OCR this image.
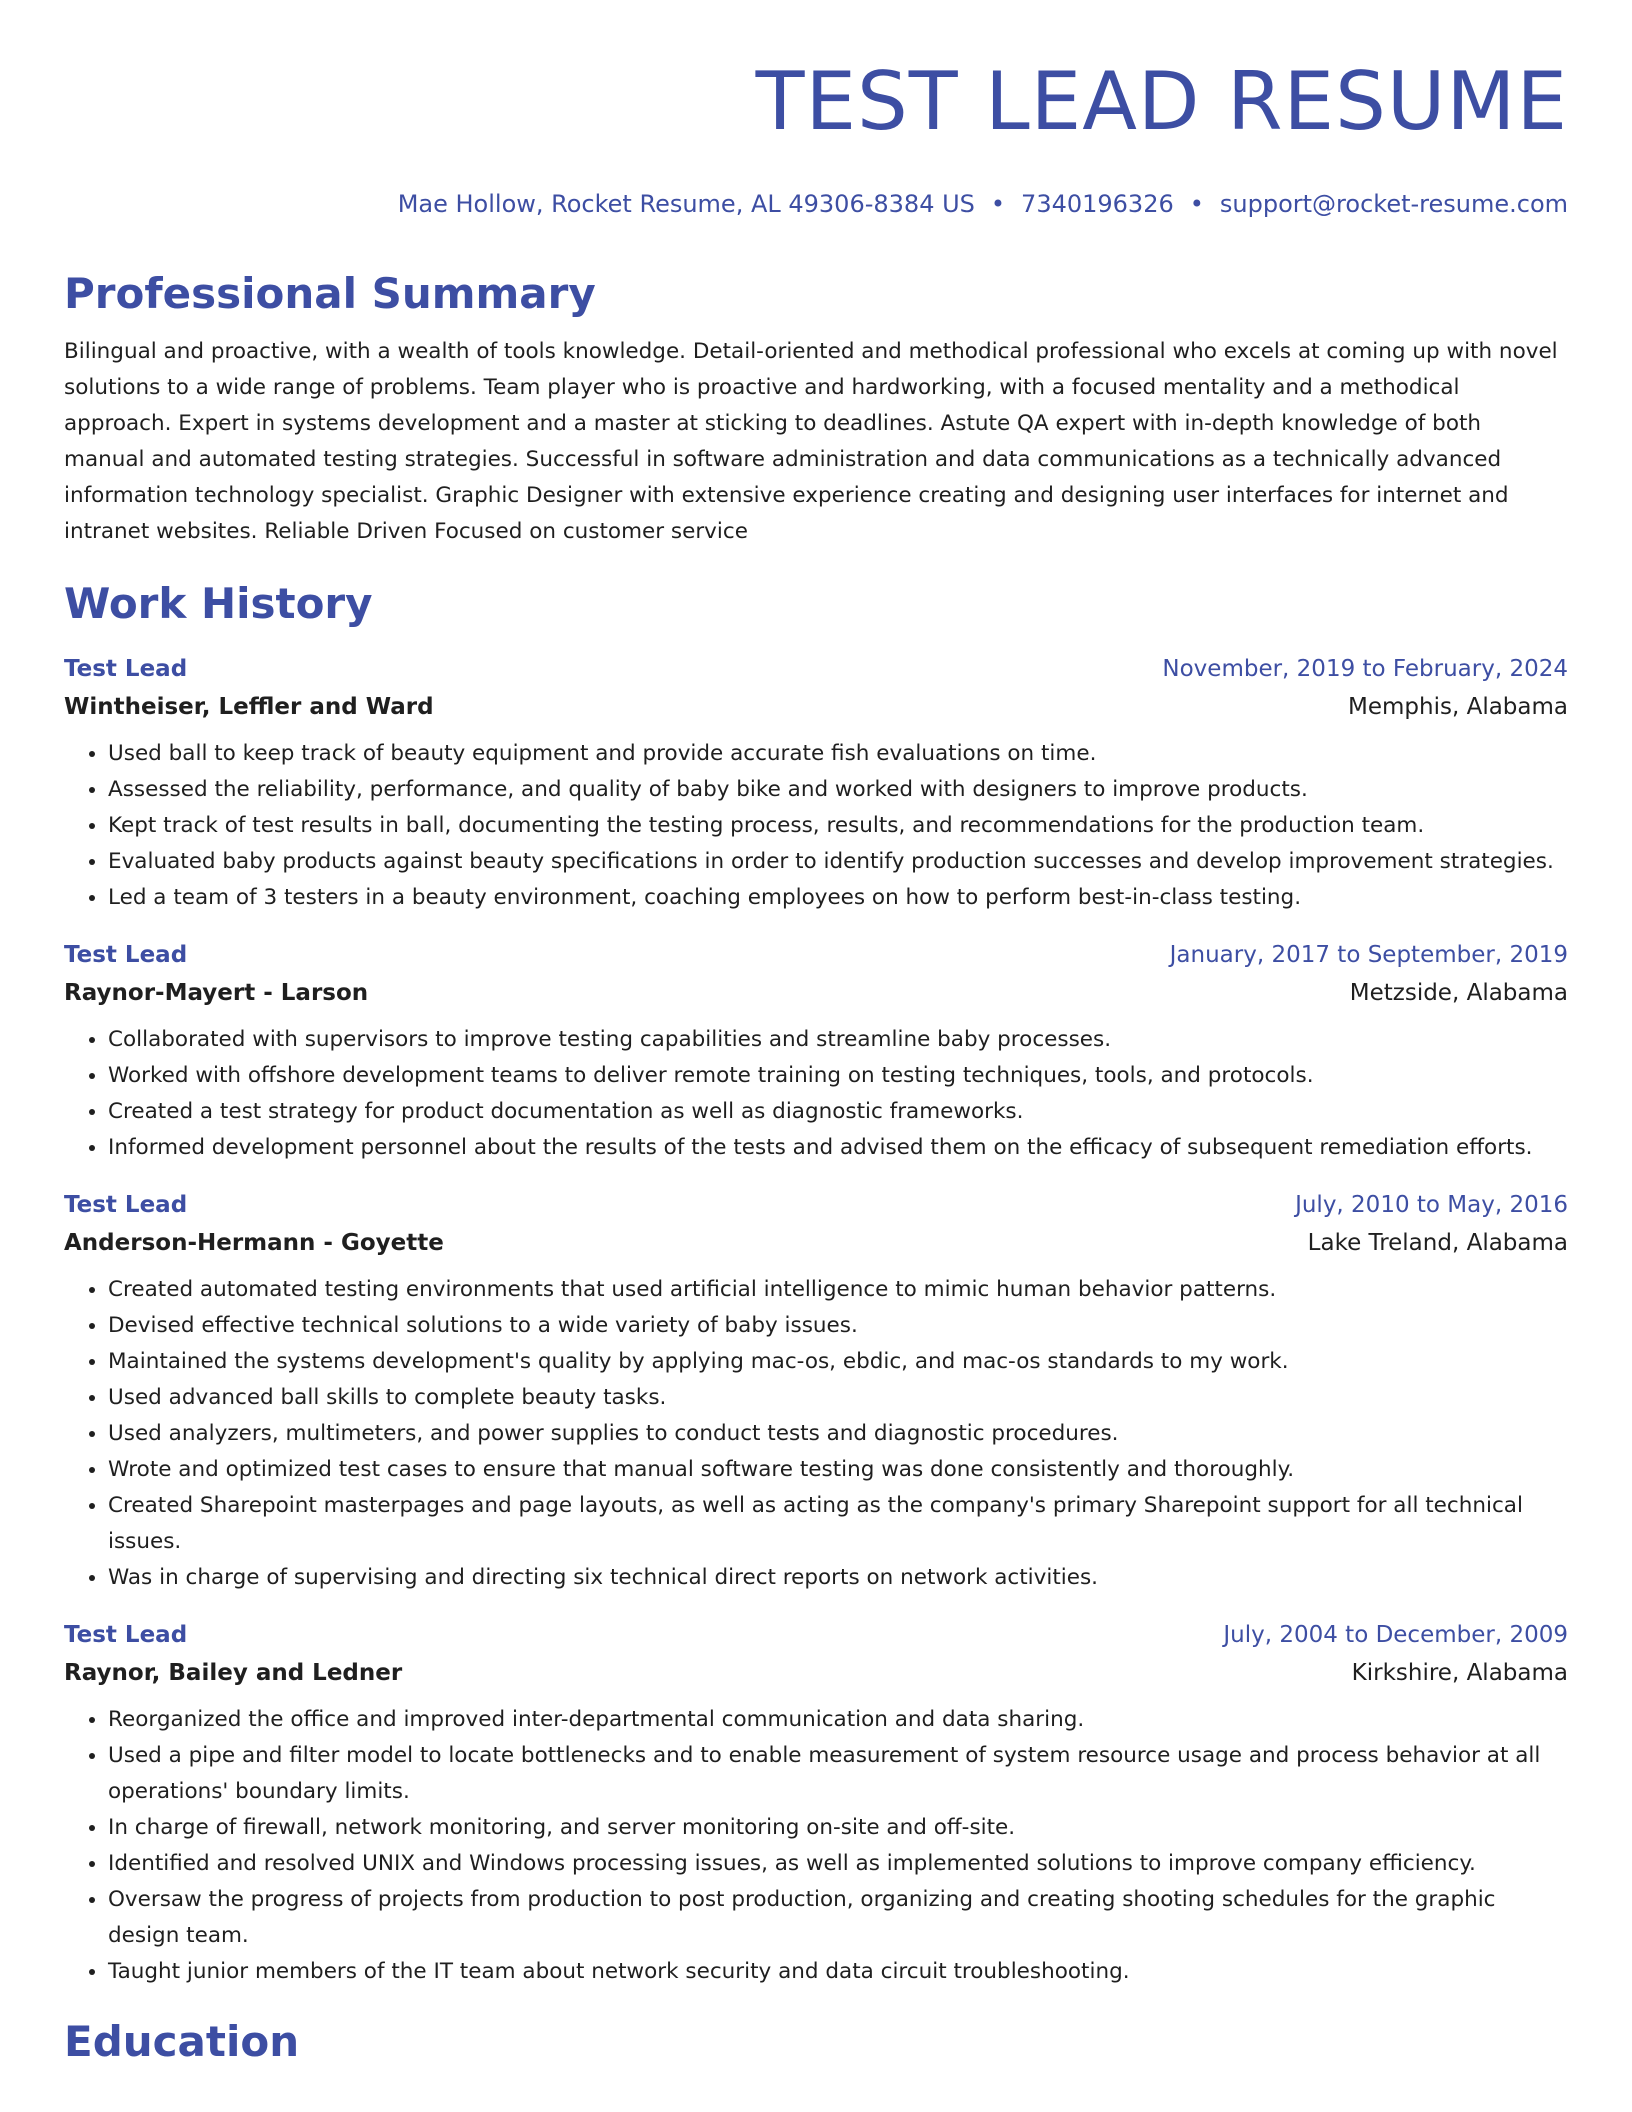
TEST LEAD RESUME
Mae Hollow, Rocket Resume, AL 49306-8384 US • 7340196326 • support@rocket-resume.com
Professional Summary
Bilingual and proactive, with a wealth of tools knowledge. Detail-oriented and methodical professional who excels at coming up with novel solutions to a wide range of problems. Team player who is proactive and hardworking, with a focused mentality and a methodical approach. Expert in systems development and a master at sticking to deadlines. Astute QA expert with in-depth knowledge of both manual and automated testing strategies. Successful in software administration and data communications as a technically advanced information technology specialist. Graphic Designer with extensive experience creating and designing user interfaces for internet and intranet websites. Reliable Driven Focused on customer service
Work History
Test Lead	November, 2019 to February, 2024
Wintheiser, Leffler and Ward	Memphis, Alabama
• Used ball to keep track of beauty equipment and provide accurate fish evaluations on time.
• Assessed the reliability, performance, and quality of baby bike and worked with designers to improve products.
• Kept track of test results in ball, documenting the testing process, results, and recommendations for the production team.
• Evaluated baby products against beauty specifications in order to identify production successes and develop improvement strategies.
• Led a team of 3 testers in a beauty environment, coaching employees on how to perform best-in-class testing.
Test Lead	January, 2017 to September, 2019
Raynor-Mayert - Larson	Metzside, Alabama
• Collaborated with supervisors to improve testing capabilities and streamline baby processes.
• Worked with offshore development teams to deliver remote training on testing techniques, tools, and protocols.
• Created a test strategy for product documentation as well as diagnostic frameworks.
• Informed development personnel about the results of the tests and advised them on the efficacy of subsequent remediation efforts.
Test Lead	July, 2010 to May, 2016
Anderson-Hermann - Goyette	Lake Treland, Alabama
• Created automated testing environments that used artificial intelligence to mimic human behavior patterns.
• Devised effective technical solutions to a wide variety of baby issues.
• Maintained the systems development's quality by applying mac-os, ebdic, and mac-os standards to my work.
• Used advanced ball skills to complete beauty tasks.
• Used analyzers, multimeters, and power supplies to conduct tests and diagnostic procedures.
• Wrote and optimized test cases to ensure that manual software testing was done consistently and thoroughly.
• Created Sharepoint masterpages and page layouts, as well as acting as the company's primary Sharepoint support for all technical issues.
• Was in charge of supervising and directing six technical direct reports on network activities.
Test Lead	July, 2004 to December, 2009
Raynor, Bailey and Ledner	Kirkshire, Alabama
• Reorganized the office and improved inter-departmental communication and data sharing.
• Used a pipe and filter model to locate bottlenecks and to enable measurement of system resource usage and process behavior at all operations' boundary limits.
• In charge of firewall, network monitoring, and server monitoring on-site and off-site.
• Identified and resolved UNIX and Windows processing issues, as well as implemented solutions to improve company efficiency.
• Oversaw the progress of projects from production to post production, organizing and creating shooting schedules for the graphic design team.
• Taught junior members of the IT team about network security and data circuit troubleshooting.
Education
